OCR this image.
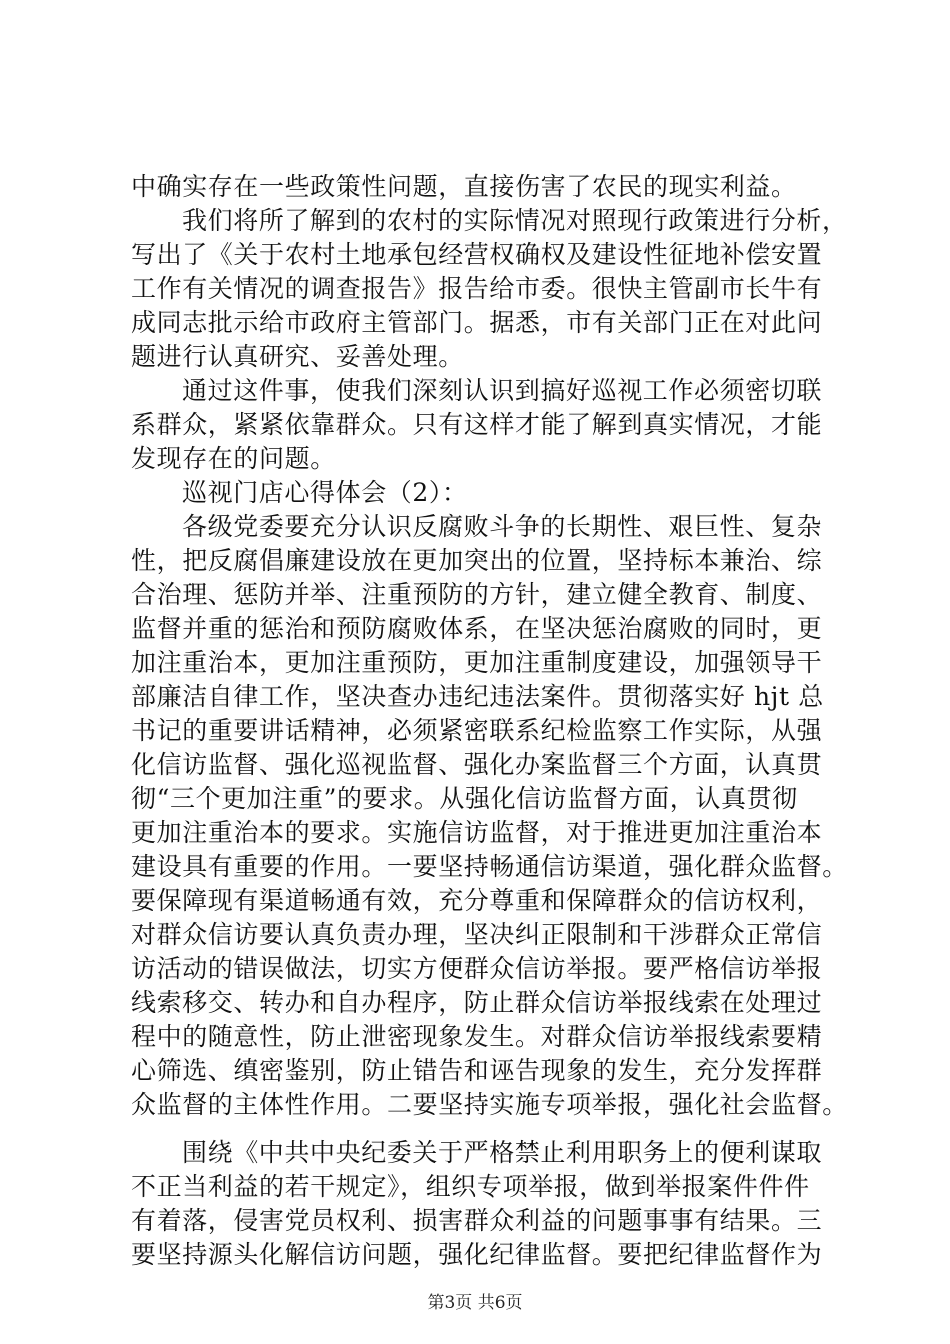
中确实存在一些政策性问题，直接伤害了农民的现实利益。
我们将所了解到的农村的实际情况对照现行政策进行分析，
写出了《关于农村土地承包经营权确权及建设性征地补偿安置
工作有关情况的调查报告》报告给市委。很快主管副市长牛有
成同志批示给市政府主管部门。据悉，市有关部门正在对此问
题进行认真研究、妥善处理。
通过这件事，使我们深刻认识到搞好巡视工作必须密切联
系群众，紧紧依靠群众。只有这样才能了解到真实情况，才能
发现存在的问题。
巡视门店心得体会（2）：
各级党委要充分认识反腐败斗争的长期性、艰巨性、复杂
性，把反腐倡廉建设放在更加突出的位置，坚持标本兼治、综
合治理、惩防并举、注重预防的方针，建立健全教育、制度、
监督并重的惩治和预防腐败体系，在坚决惩治腐败的同时，更
加注重治本，更加注重预防，更加注重制度建设，加强领导干
部廉洁自律工作，坚决查办违纪违法案件。贯彻落实好 hjt 总
书记的重要讲话精神，必须紧密联系纪检监察工作实际，从强
化信访监督、强化巡视监督、强化办案监督三个方面，认真贯
彻“三个更加注重”的要求。从强化信访监督方面，认真贯彻
更加注重治本的要求。实施信访监督，对于推进更加注重治本
建设具有重要的作用。一要坚持畅通信访渠道，强化群众监督。
要保障现有渠道畅通有效，充分尊重和保障群众的信访权利，
对群众信访要认真负责办理，坚决纠正限制和干涉群众正常信
访活动的错误做法，切实方便群众信访举报。要严格信访举报
线索移交、转办和自办程序，防止群众信访举报线索在处理过
程中的随意性，防止泄密现象发生。对群众信访举报线索要精
心筛选、缜密鉴别，防止错告和诬告现象的发生，充分发挥群
众监督的主体性作用。二要坚持实施专项举报，强化社会监督。
围绕《中共中央纪委关于严格禁止利用职务上的便利谋取
不正当利益的若干规定》，组织专项举报，做到举报案件件件
有着落，侵害党员权利、损害群众利益的问题事事有结果。三
要坚持源头化解信访问题，强化纪律监督。要把纪律监督作为
第3页 共6页
